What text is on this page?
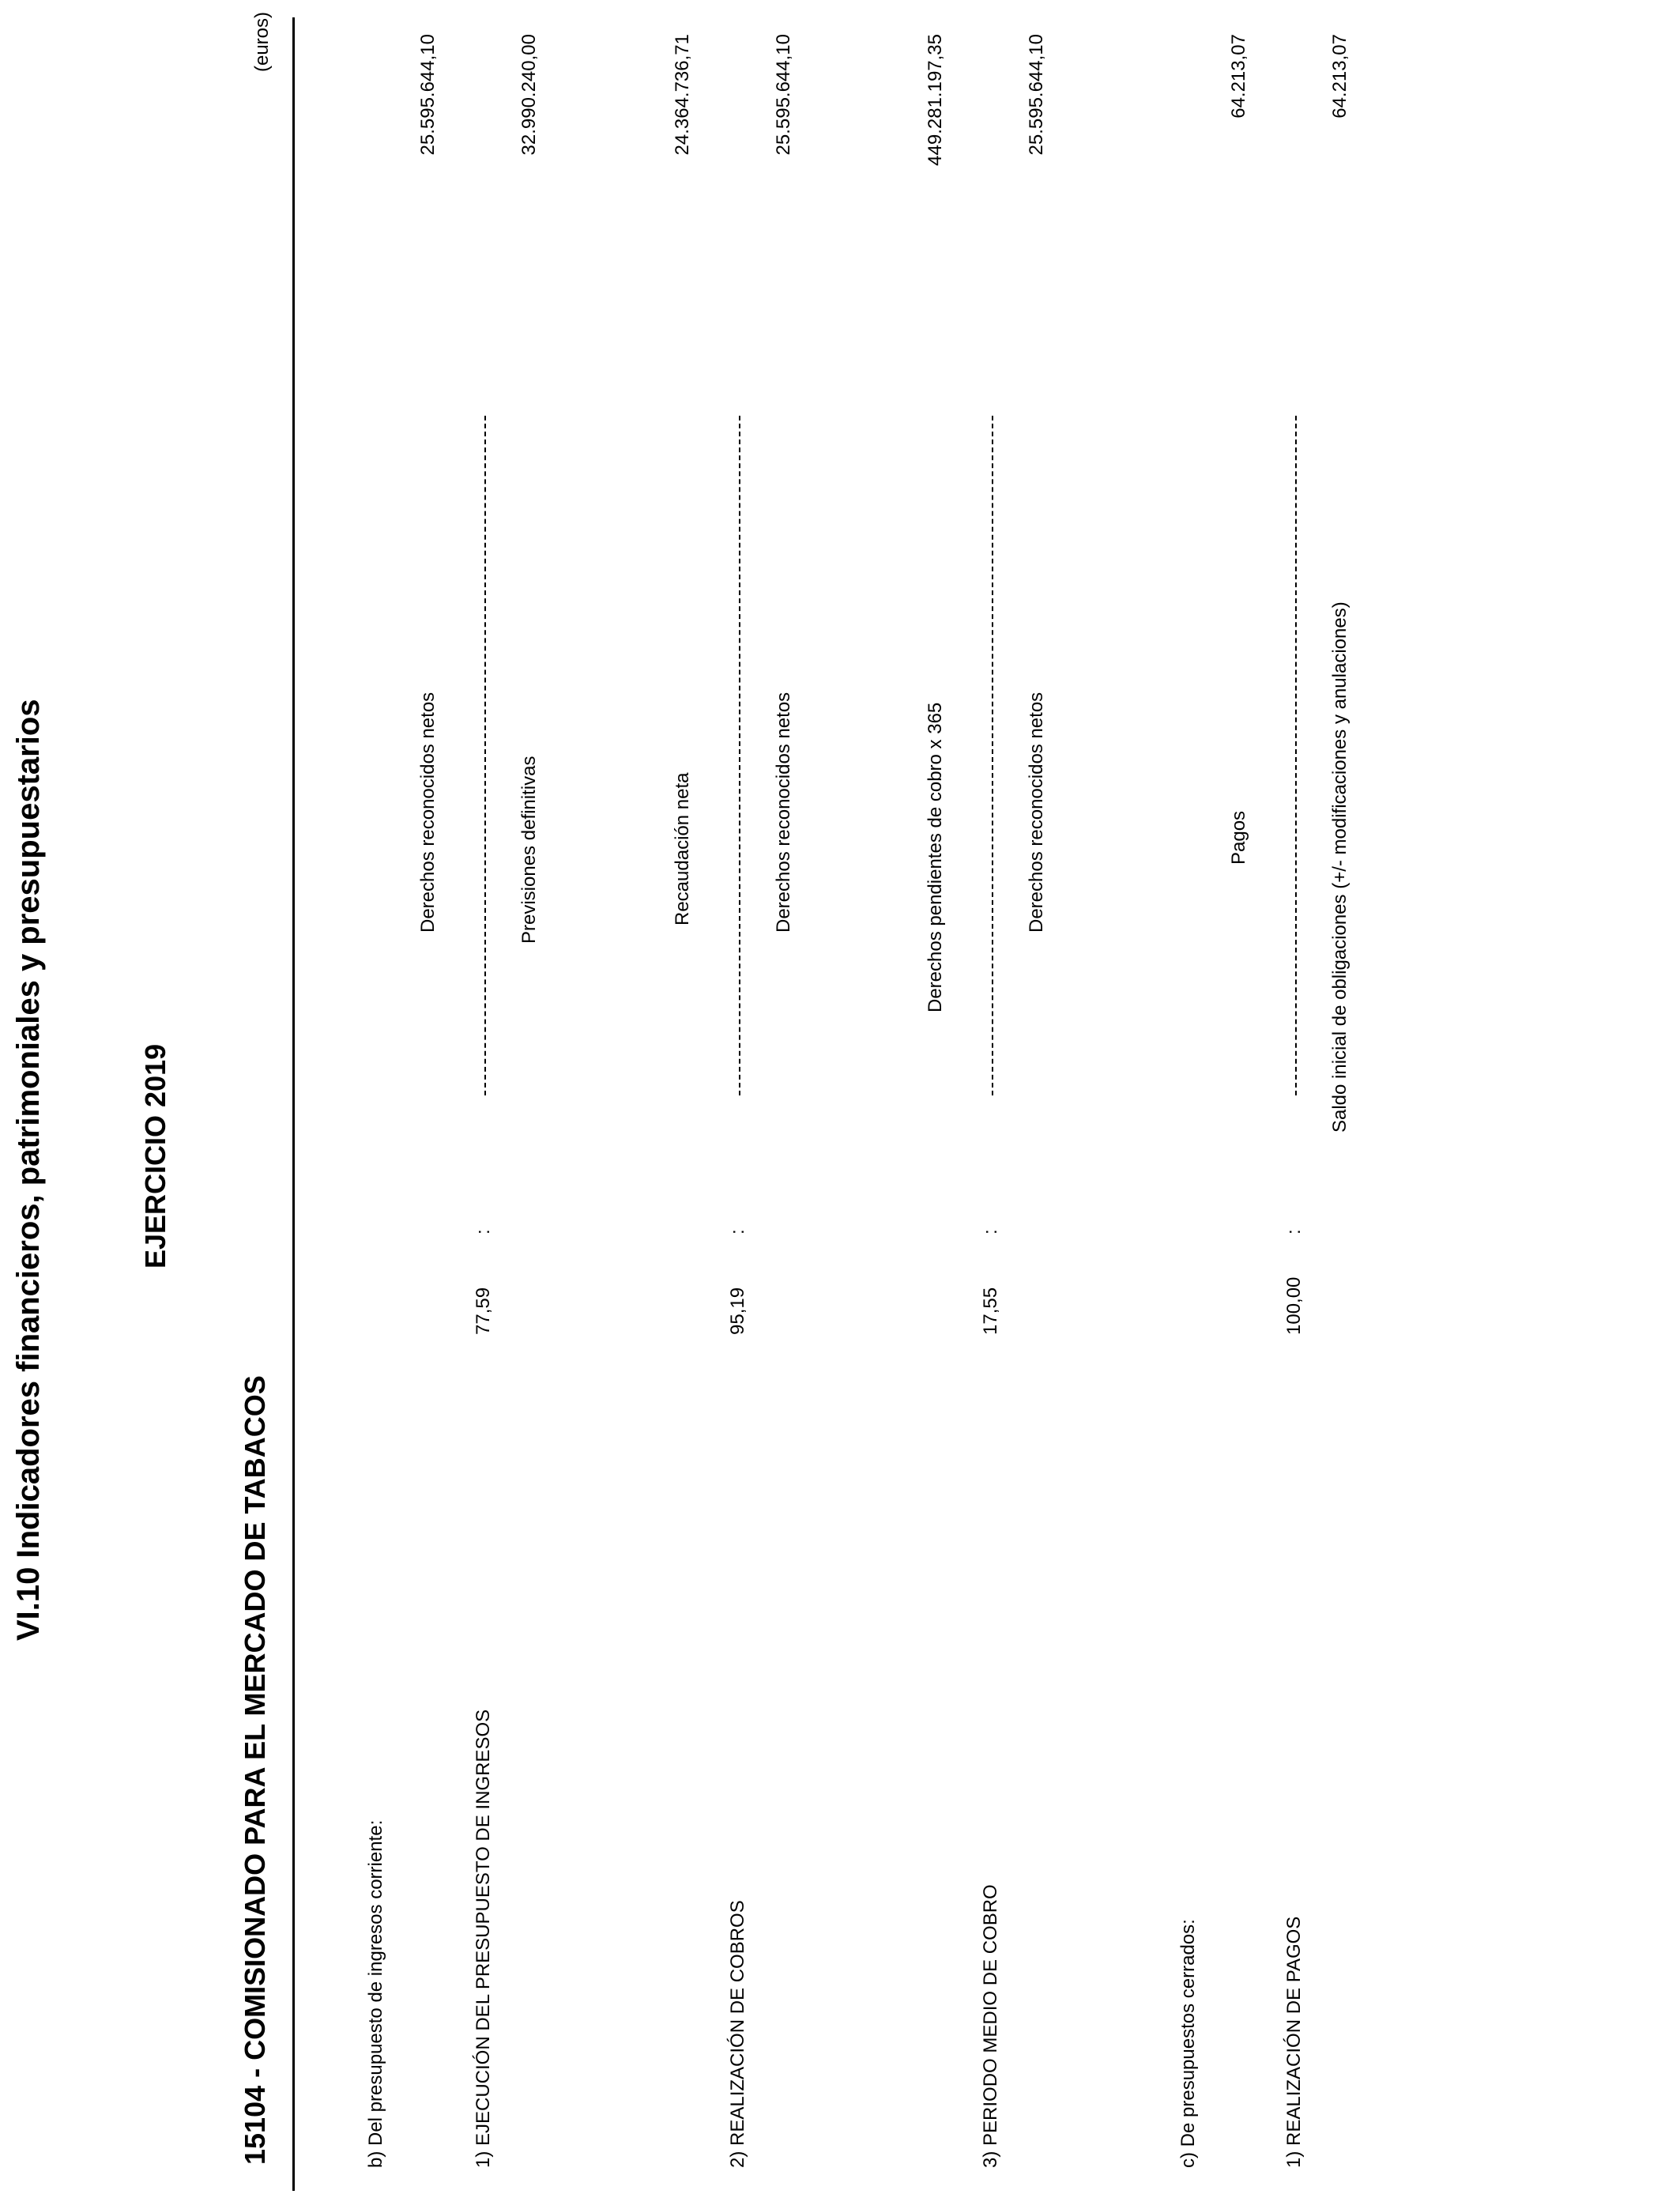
VI.10 Indicadores financieros, patrimoniales y presupuestarios	EJERCICIO 2019
15104 - COMISIONADO PARA EL MERCADO DE TABACOS
(euros)
b) Del presupuesto de ingresos corriente:	1) EJECUCIÓN DEL PRESUPUESTO DE INGRESOS
77,59
:
Derechos reconocidos netos	Previsiones definitivas
25.595.644,10	32.990.240,00
2) REALIZACIÓN DE COBROS
95,19
:
Recaudación neta	Derechos reconocidos netos
24.364.736,71	25.595.644,10
3) PERIODO MEDIO DE COBRO
17,55
:
Derechos pendientes de cobro x 365	Derechos reconocidos netos
449.281.197,35	25.595.644,10
c) De presupuestos cerrados:	1) REALIZACIÓN DE PAGOS
100,00
:
Pagos	Saldo inicial de obligaciones (+/- modificaciones y anulaciones)
64.213,07	64.213,07
